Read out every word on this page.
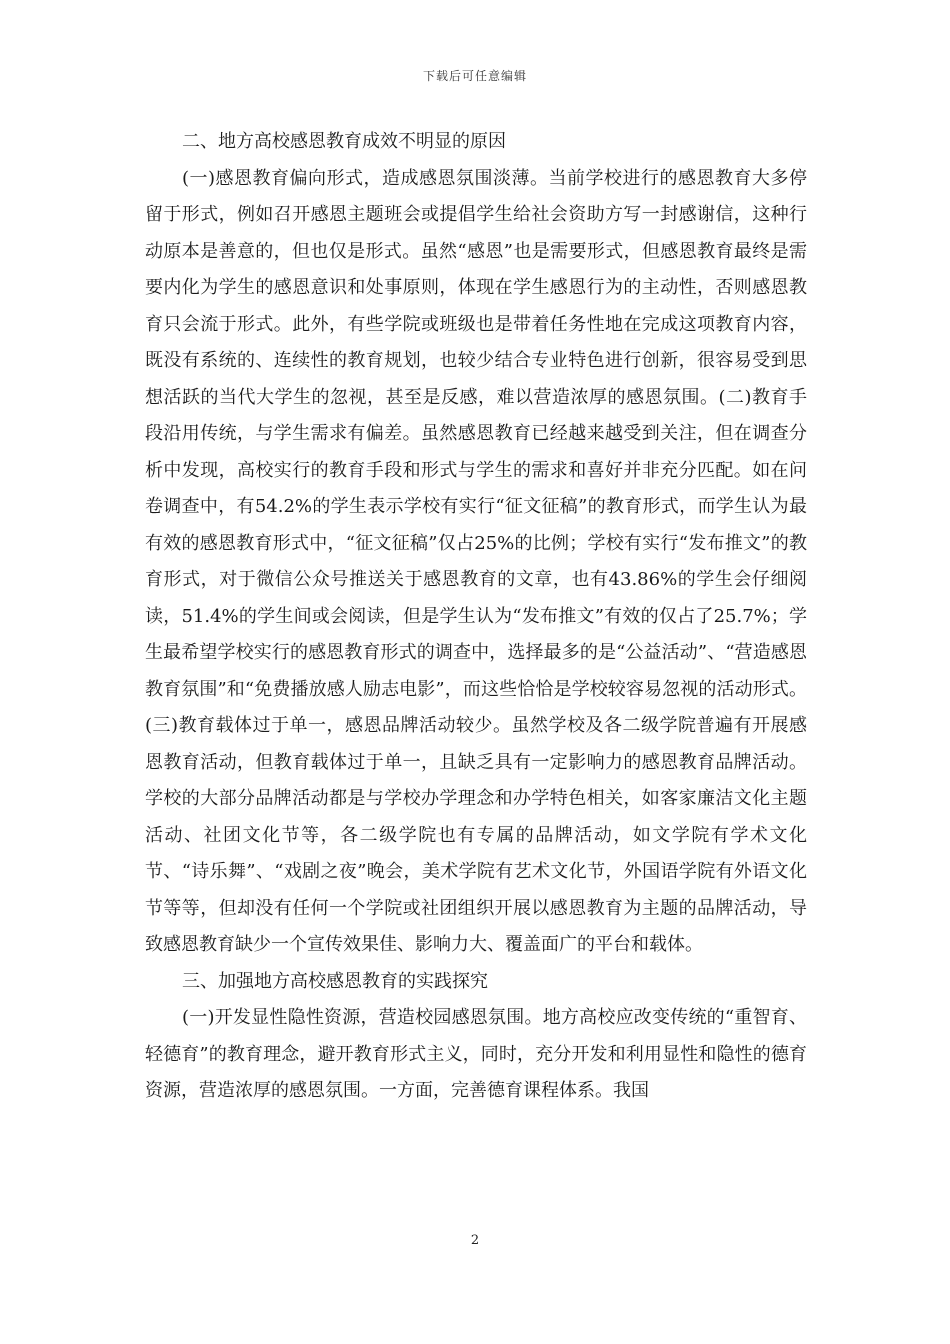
下载后可任意编辑

二、地方高校感恩教育成效不明显的原因

(一)感恩教育偏向形式，造成感恩氛围淡薄。当前学校进行的感恩教育大多停留于形式，例如召开感恩主题班会或提倡学生给社会资助方写一封感谢信，这种行动原本是善意的，但也仅是形式。虽然“感恩”也是需要形式，但感恩教育最终是需要内化为学生的感恩意识和处事原则，体现在学生感恩行为的主动性，否则感恩教育只会流于形式。此外，有些学院或班级也是带着任务性地在完成这项教育内容，既没有系统的、连续性的教育规划，也较少结合专业特色进行创新，很容易受到思想活跃的当代大学生的忽视，甚至是反感，难以营造浓厚的感恩氛围。(二)教育手段沿用传统，与学生需求有偏差。虽然感恩教育已经越来越受到关注，但在调查分析中发现，高校实行的教育手段和形式与学生的需求和喜好并非充分匹配。如在问卷调查中，有54.2%的学生表示学校有实行“征文征稿”的教育形式，而学生认为最有效的感恩教育形式中，“征文征稿”仅占25%的比例；学校有实行“发布推文”的教育形式，对于微信公众号推送关于感恩教育的文章，也有43.86%的学生会仔细阅读，51.4%的学生间或会阅读，但是学生认为“发布推文”有效的仅占了25.7%；学生最希望学校实行的感恩教育形式的调查中，选择最多的是“公益活动”、“营造感恩教育氛围”和“免费播放感人励志电影”，而这些恰恰是学校较容易忽视的活动形式。(三)教育载体过于单一，感恩品牌活动较少。虽然学校及各二级学院普遍有开展感恩教育活动，但教育载体过于单一，且缺乏具有一定影响力的感恩教育品牌活动。学校的大部分品牌活动都是与学校办学理念和办学特色相关，如客家廉洁文化主题活动、社团文化节等，各二级学院也有专属的品牌活动，如文学院有学术文化节、“诗乐舞”、“戏剧之夜”晚会，美术学院有艺术文化节，外国语学院有外语文化节等等，但却没有任何一个学院或社团组织开展以感恩教育为主题的品牌活动，导致感恩教育缺少一个宣传效果佳、影响力大、覆盖面广的平台和载体。

三、加强地方高校感恩教育的实践探究

(一)开发显性隐性资源，营造校园感恩氛围。地方高校应改变传统的“重智育、轻德育”的教育理念，避开教育形式主义，同时，充分开发和利用显性和隐性的德育资源，营造浓厚的感恩氛围。一方面，完善德育课程体系。我国

2
